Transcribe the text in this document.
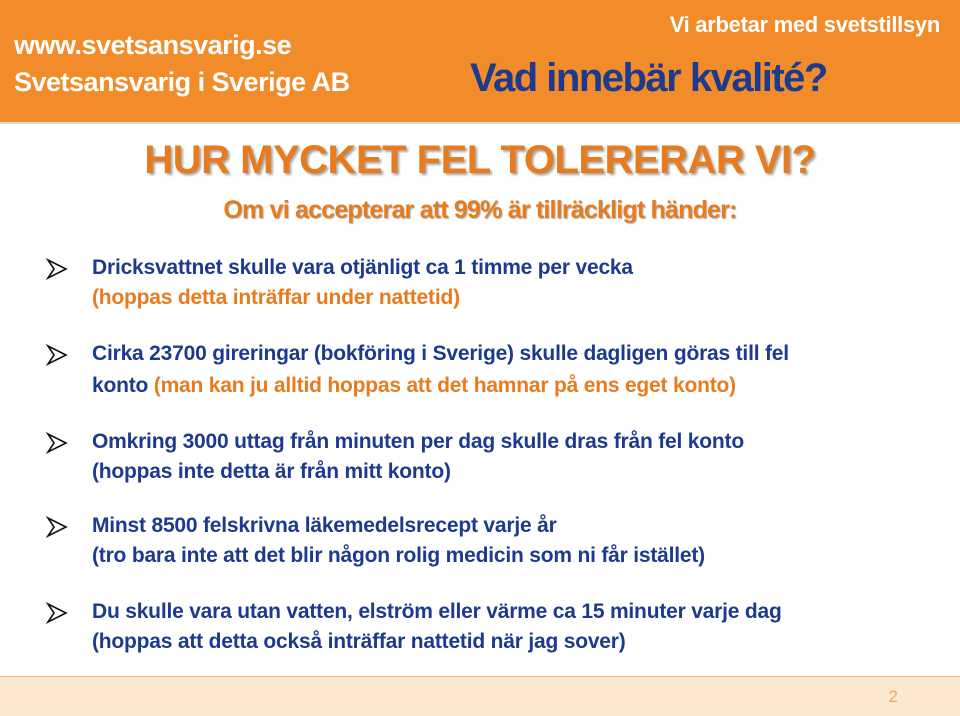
www.svetsansvarig.se
Svetsansvarig i Sverige AB
Vi arbetar med svetstillsyn
Vad innebär kvalité?
HUR MYCKET FEL TOLERERAR VI?
Om vi accepterar att 99% är tillräckligt händer:
Dricksvattnet skulle vara otjänligt ca 1 timme per vecka
(hoppas detta inträffar under nattetid)
Cirka 23700 gireringar (bokföring i Sverige) skulle dagligen göras till fel
konto (man kan ju alltid hoppas att det hamnar på ens eget konto)
Omkring 3000 uttag från minuten per dag skulle dras från fel konto
(hoppas inte detta är från mitt konto)
Minst 8500 felskrivna läkemedelsrecept varje år
(tro bara inte att det blir någon rolig medicin som ni får istället)
Du skulle vara utan vatten, elström eller värme ca 15 minuter varje dag
(hoppas att detta också inträffar nattetid när jag sover)
2
